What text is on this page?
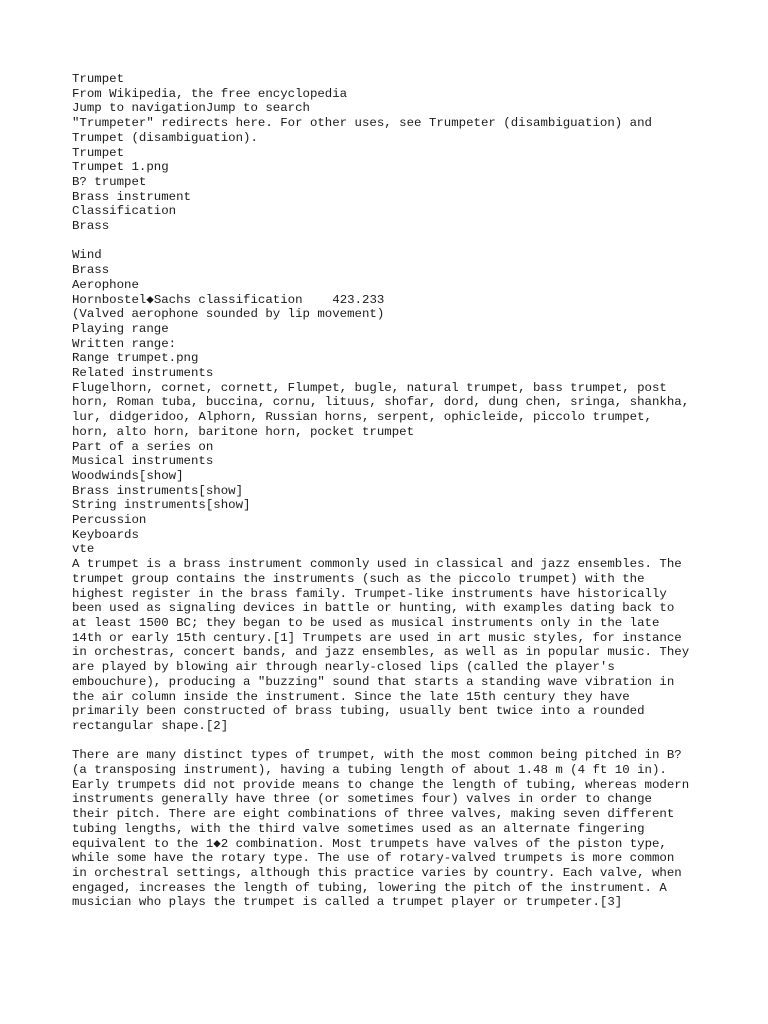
Trumpet
From Wikipedia, the free encyclopedia
Jump to navigationJump to search
"Trumpeter" redirects here. For other uses, see Trumpeter (disambiguation) and
Trumpet (disambiguation).
Trumpet
Trumpet 1.png
B? trumpet
Brass instrument
Classification
Brass
Wind
Brass
Aerophone
Hornbostel◆Sachs classification    423.233
(Valved aerophone sounded by lip movement)
Playing range
Written range:
Range trumpet.png
Related instruments
Flugelhorn, cornet, cornett, Flumpet, bugle, natural trumpet, bass trumpet, post
horn, Roman tuba, buccina, cornu, lituus, shofar, dord, dung chen, sringa, shankha,
lur, didgeridoo, Alphorn, Russian horns, serpent, ophicleide, piccolo trumpet,
horn, alto horn, baritone horn, pocket trumpet
Part of a series on
Musical instruments
Woodwinds[show]
Brass instruments[show]
String instruments[show]
Percussion
Keyboards
vte
A trumpet is a brass instrument commonly used in classical and jazz ensembles. The
trumpet group contains the instruments (such as the piccolo trumpet) with the
highest register in the brass family. Trumpet-like instruments have historically
been used as signaling devices in battle or hunting, with examples dating back to
at least 1500 BC; they began to be used as musical instruments only in the late
14th or early 15th century.[1] Trumpets are used in art music styles, for instance
in orchestras, concert bands, and jazz ensembles, as well as in popular music. They
are played by blowing air through nearly-closed lips (called the player's
embouchure), producing a "buzzing" sound that starts a standing wave vibration in
the air column inside the instrument. Since the late 15th century they have
primarily been constructed of brass tubing, usually bent twice into a rounded
rectangular shape.[2]
There are many distinct types of trumpet, with the most common being pitched in B?
(a transposing instrument), having a tubing length of about 1.48 m (4 ft 10 in).
Early trumpets did not provide means to change the length of tubing, whereas modern
instruments generally have three (or sometimes four) valves in order to change
their pitch. There are eight combinations of three valves, making seven different
tubing lengths, with the third valve sometimes used as an alternate fingering
equivalent to the 1◆2 combination. Most trumpets have valves of the piston type,
while some have the rotary type. The use of rotary-valved trumpets is more common
in orchestral settings, although this practice varies by country. Each valve, when
engaged, increases the length of tubing, lowering the pitch of the instrument. A
musician who plays the trumpet is called a trumpet player or trumpeter.[3]
